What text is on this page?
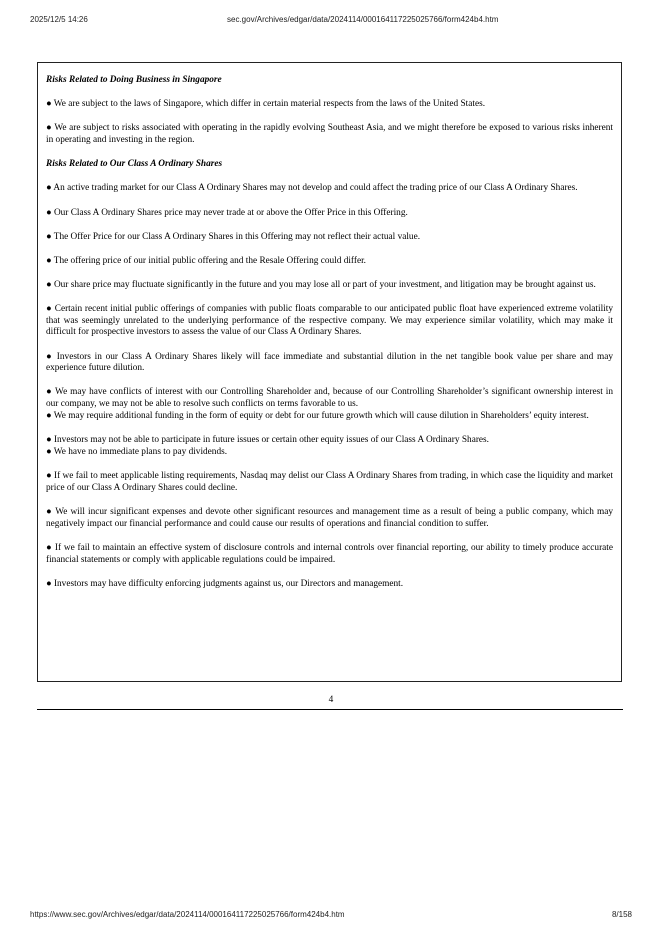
2025/12/5 14:26	sec.gov/Archives/edgar/data/2024114/000164117225025766/form424b4.htm
Risks Related to Doing Business in Singapore
● We are subject to the laws of Singapore, which differ in certain material respects from the laws of the United States.
● We are subject to risks associated with operating in the rapidly evolving Southeast Asia, and we might therefore be exposed to various risks inherent in operating and investing in the region.
Risks Related to Our Class A Ordinary Shares
● An active trading market for our Class A Ordinary Shares may not develop and could affect the trading price of our Class A Ordinary Shares.
● Our Class A Ordinary Shares price may never trade at or above the Offer Price in this Offering.
● The Offer Price for our Class A Ordinary Shares in this Offering may not reflect their actual value.
● The offering price of our initial public offering and the Resale Offering could differ.
● Our share price may fluctuate significantly in the future and you may lose all or part of your investment, and litigation may be brought against us.
● Certain recent initial public offerings of companies with public floats comparable to our anticipated public float have experienced extreme volatility that was seemingly unrelated to the underlying performance of the respective company. We may experience similar volatility, which may make it difficult for prospective investors to assess the value of our Class A Ordinary Shares.
● Investors in our Class A Ordinary Shares likely will face immediate and substantial dilution in the net tangible book value per share and may experience future dilution.
● We may have conflicts of interest with our Controlling Shareholder and, because of our Controlling Shareholder’s significant ownership interest in our company, we may not be able to resolve such conflicts on terms favorable to us.
● We may require additional funding in the form of equity or debt for our future growth which will cause dilution in Shareholders’ equity interest.
● Investors may not be able to participate in future issues or certain other equity issues of our Class A Ordinary Shares.
● We have no immediate plans to pay dividends.
● If we fail to meet applicable listing requirements, Nasdaq may delist our Class A Ordinary Shares from trading, in which case the liquidity and market price of our Class A Ordinary Shares could decline.
● We will incur significant expenses and devote other significant resources and management time as a result of being a public company, which may negatively impact our financial performance and could cause our results of operations and financial condition to suffer.
● If we fail to maintain an effective system of disclosure controls and internal controls over financial reporting, our ability to timely produce accurate financial statements or comply with applicable regulations could be impaired.
● Investors may have difficulty enforcing judgments against us, our Directors and management.
4
https://www.sec.gov/Archives/edgar/data/2024114/000164117225025766/form424b4.htm	8/158
